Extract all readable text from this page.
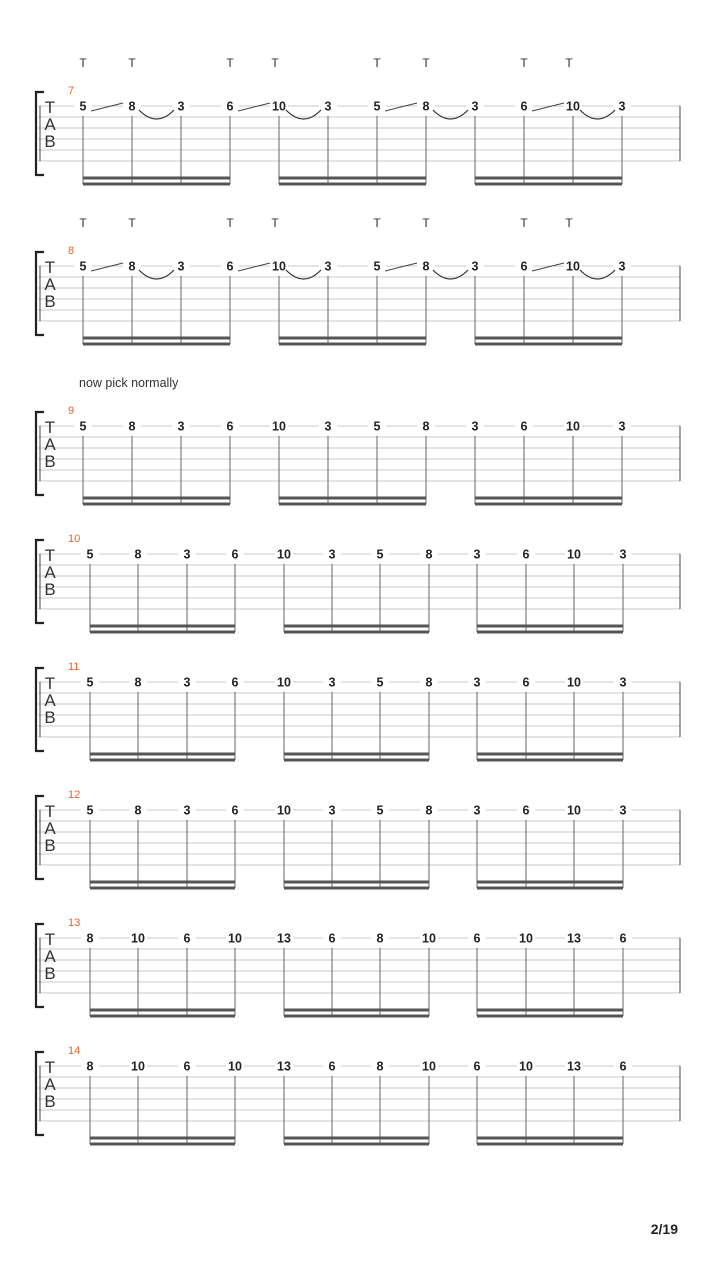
T	T	T	T	T	T	T	T
7
T
A
B
5	8	3	6	10	3	5	8	3	6	10	3
T	T	T	T	T	T	T	T
8
T
A
B
5	8	3	6	10	3	5	8	3	6	10	3
now pick normally
9
T
A
B
5	8	3	6	10	3	5	8	3	6	10	3
10
T
A
B
5	8	3	6	10	3	5	8	3	6	10	3
11
T
A
B
5	8	3	6	10	3	5	8	3	6	10	3
12
T
A
B
5	8	3	6	10	3	5	8	3	6	10	3
13
T
A
B
8	10	6	10	13	6	8	10	6	10	13	6
14
T
A
B
8	10	6	10	13	6	8	10	6	10	13	6
2/19
